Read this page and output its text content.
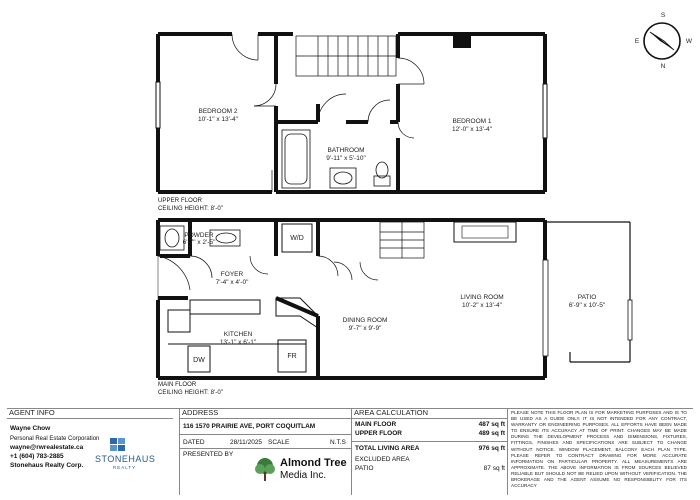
S
E	W
N
BEDROOM 2
10'-1" x 13'-4"	BEDROOM 1
12'-0" x 13'-4"
BATHROOM
9'-11" x 5'-10"
POWDER
6'-7" x 2'-5"
W/D
FOYER
7'-4" x 4'-0"
KITCHEN
13'-1" x 6'-1"
DW
FR
DINING ROOM
9'-7" x 9'-9"
LIVING ROOM
10'-2" x 13'-4"
PATIO
6'-9" x 10'-5"
UPPER FLOOR
CEILING HEIGHT: 8'-0"
MAIN FLOOR
CEILING HEIGHT: 8'-0"
AGENT INFO
Wayne Chow
Personal Real Estate Corporation
wayne@rwrealestate.ca
+1 (604) 783-2885
Stonehaus Realty Corp.
STONEHAUS
REALTY
ADDRESS
116 1570 PRAIRIE AVE, PORT COQUITLAM
DATED	28/11/2025 SCALE	N.T.S
PRESENTED BY
Almond Tree
Media Inc.
AREA CALCULATION
MAIN FLOOR	487 sq ft
UPPER FLOOR	489 sq ft
TOTAL LIVING AREA	976 sq ft
EXCLUDED AREA
PATIO	87 sq ft
PLEASE NOTE THIS FLOOR PLAN IS FOR MARKETING PURPOSES AND IS TO BE USED AS A GUIDE ONLY. IT IS NOT INTENDED FOR ANY CONTRACT, WARRANTY OR ENGINEERING PURPOSES. ALL EFFORTS HAVE BEEN MADE TO ENSURE ITS ACCURACY AT TIME OF PRINT. CHANGES MAY BE MADE DURING THE DEVELOPMENT PROCESS AND DIMENSIONS, FIXTURES, FITTINGS, FINISHES AND SPECIFICATIONS ARE SUBJECT TO CHANGE WITHOUT NOTICE. WINDOW PLACEMENT, BALCONY EACH PLAN TYPE. PLEASE REFER TO CONTRACT DRAWING FOR MORE ACCURATE INFORMATION ON PARTICULAR PROPERTY. ALL MEASUREMENTS ARE APPROXIMATE. THE ABOVE INFORMATION IS FROM SOURCES BELIEVED RELIABLE BUT SHOULD NOT BE RELIED UPON WITHOUT VERIFICATION. THE BROKERAGE AND THE AGENT ASSUME NO RESPONSIBILITY FOR ITS ACCURACY
